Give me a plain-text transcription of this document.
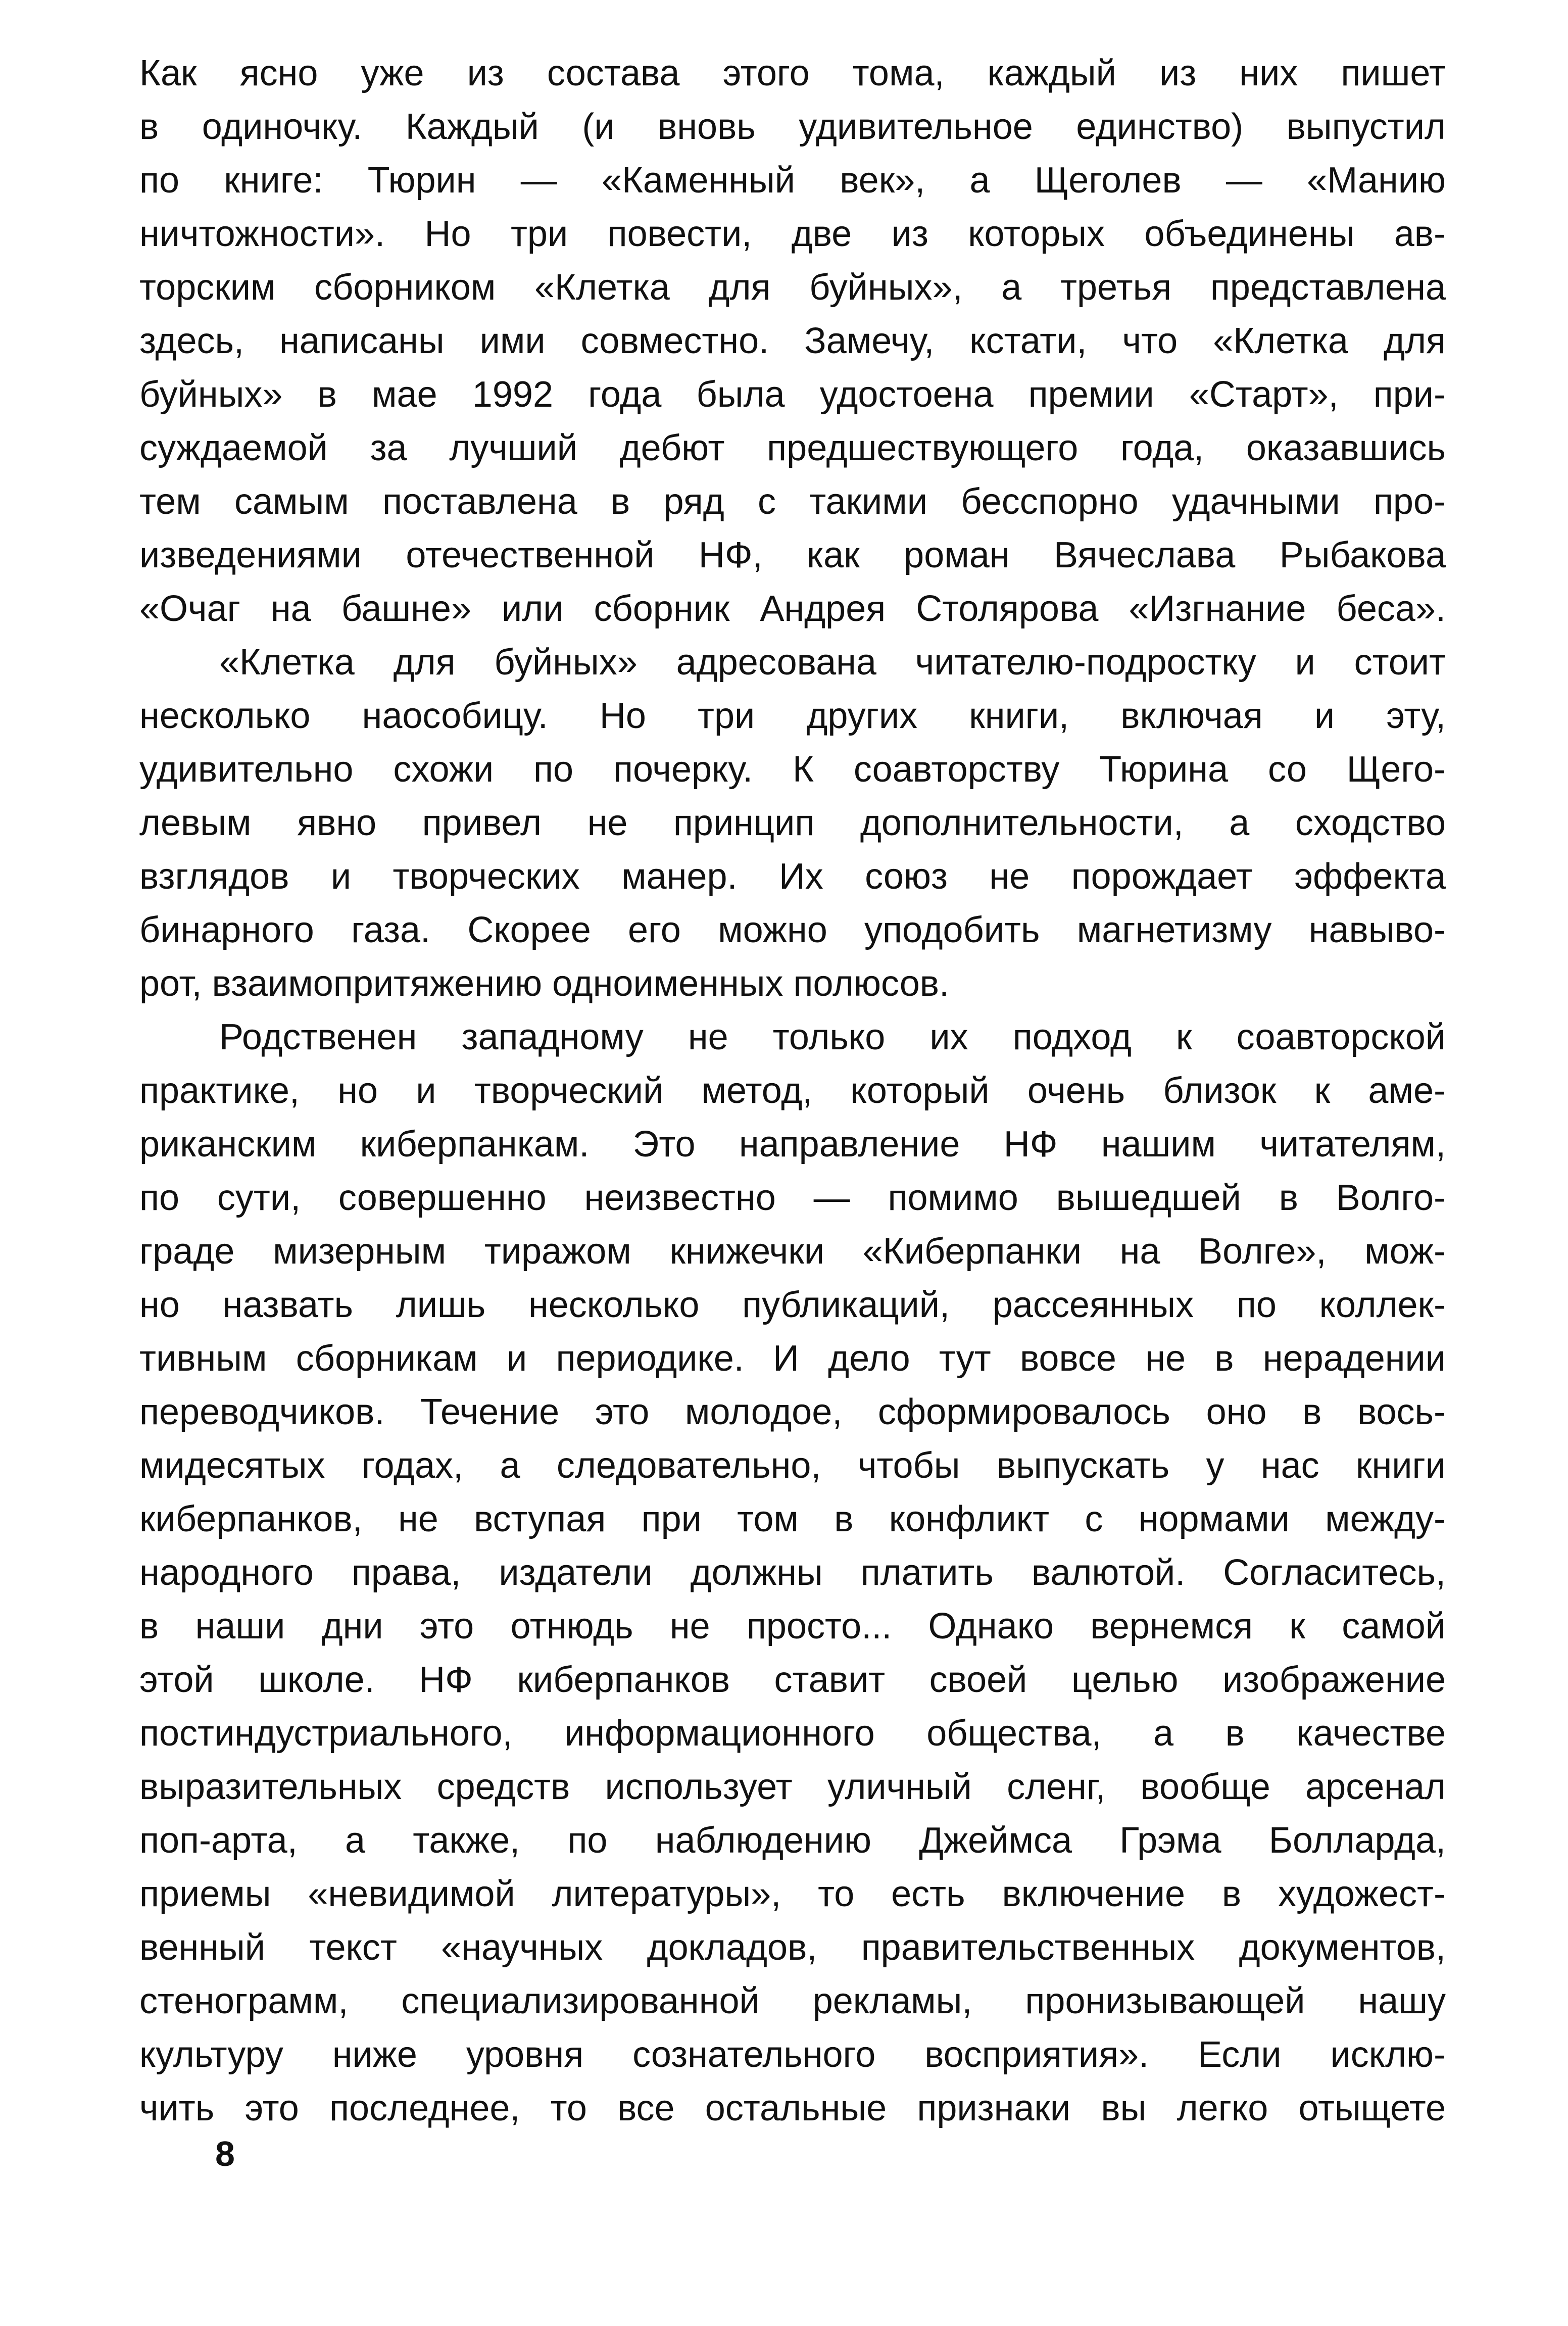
Как ясно уже из состава этого тома, каждый из них пишет
в одиночку. Каждый (и вновь удивительное единство) выпустил
по книге: Тюрин — «Каменный век», а Щеголев — «Манию
ничтожности». Но три повести, две из которых объединены ав-
торским сборником «Клетка для буйных», а третья представлена
здесь, написаны ими совместно. Замечу, кстати, что «Клетка для
буйных» в мае 1992 года была удостоена премии «Старт», при-
суждаемой за лучший дебют предшествующего года, оказавшись
тем самым поставлена в ряд с такими бесспорно удачными про-
изведениями отечественной НФ, как роман Вячеслава Рыбакова
«Очаг на башне» или сборник Андрея Столярова «Изгнание беса».
«Клетка для буйных» адресована читателю-подростку и стоит
несколько наособицу. Но три других книги, включая и эту,
удивительно схожи по почерку. К соавторству Тюрина со Щего-
левым явно привел не принцип дополнительности, а сходство
взглядов и творческих манер. Их союз не порождает эффекта
бинарного газа. Скорее его можно уподобить магнетизму навыво-
рот, взаимопритяжению одноименных полюсов.
Родственен западному не только их подход к соавторской
практике, но и творческий метод, который очень близок к аме-
риканским киберпанкам. Это направление НФ нашим читателям,
по сути, совершенно неизвестно — помимо вышедшей в Волго-
граде мизерным тиражом книжечки «Киберпанки на Волге», мож-
но назвать лишь несколько публикаций, рассеянных по коллек-
тивным сборникам и периодике. И дело тут вовсе не в нерадении
переводчиков. Течение это молодое, сформировалось оно в вось-
мидесятых годах, а следовательно, чтобы выпускать у нас книги
киберпанков, не вступая при том в конфликт с нормами между-
народного права, издатели должны платить валютой. Согласитесь,
в наши дни это отнюдь не просто... Однако вернемся к самой
этой школе. НФ киберпанков ставит своей целью изображение
постиндустриального, информационного общества, а в качестве
выразительных средств использует уличный сленг, вообще арсенал
поп-арта, а также, по наблюдению Джеймса Грэма Болларда,
приемы «невидимой литературы», то есть включение в художест-
венный текст «научных докладов, правительственных документов,
стенограмм, специализированной рекламы, пронизывающей нашу
культуру ниже уровня сознательного восприятия». Если исклю-
чить это последнее, то все остальные признаки вы легко отыщете
8
